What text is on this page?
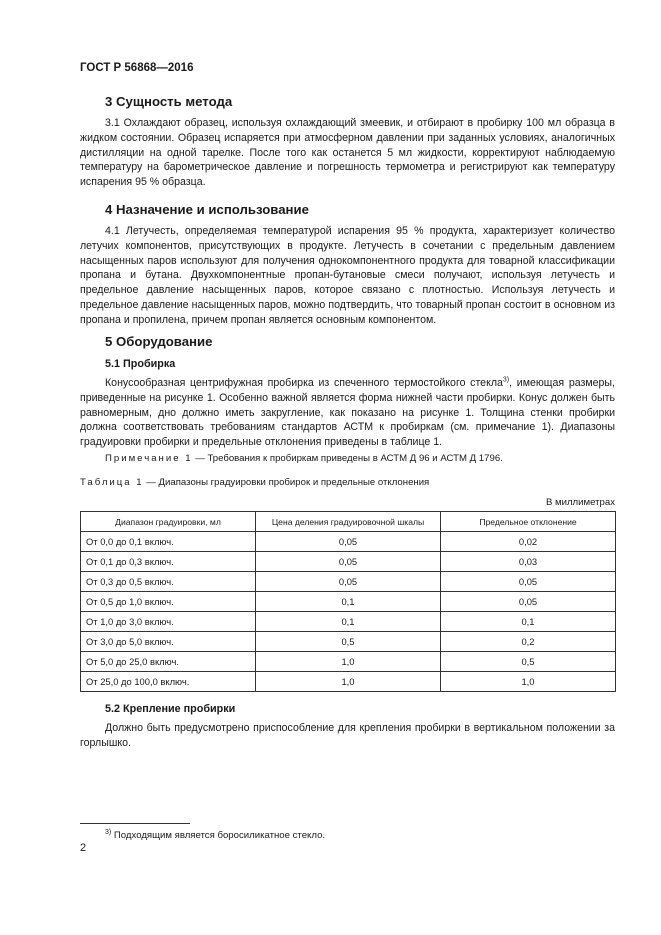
ГОСТ Р 56868—2016
3 Сущность метода

3.1 Охлаждают образец, используя охлаждающий змеевик, и отбирают в пробирку 100 мл образца в жидком состоянии. Образец испаряется при атмосферном давлении при заданных условиях, аналогичных дистилляции на одной тарелке. После того как останется 5 мл жидкости, корректируют наблюдаемую температуру на барометрическое давление и погрешность термометра и регистрируют как температуру испарения 95 % образца.

4 Назначение и использование

4.1 Летучесть, определяемая температурой испарения 95 % продукта, характеризует количество летучих компонентов, присутствующих в продукте. Летучесть в сочетании с предельным давлением насыщенных паров используют для получения однокомпонентного продукта для товарной классификации пропана и бутана. Двухкомпонентные пропан-бутановые смеси получают, используя летучесть и предельное давление насыщенных паров, которое связано с плотностью. Используя летучесть и предельное давление насыщенных паров, можно подтвердить, что товарный пропан состоит в основном из пропана и пропилена, причем пропан является основным компонентом.

5 Оборудование
5.1 Пробирка

Конусообразная центрифужная пробирка из спеченного термостойкого стекла$^{3)}$, имеющая размеры, приведенные на рисунке 1. Особенно важной является форма нижней части пробирки. Конус должен быть равномерным, дно должно иметь закругление, как показано на рисунке 1. Толщина стенки пробирки должна соответствовать требованиям стандартов АСТМ к пробиркам (см. примечание 1). Диапазоны градуировки пробирки и предельные отклонения приведены в таблице 1.

Примечание 1 — Требования к пробиркам приведены в АСТМ Д 96 и АСТМ Д 1796.
Таблица 1 — Диапазоны градуировки пробирок и предельные отклонения
В миллиметрах
Диапазон градуировки, мл	Цена деления градуировочной шкалы	Предельное отклонение
От 0,0 до 0,1 включ.	0,05	0,02
От 0,1 до 0,3 включ.	0,05	0,03
От 0,3 до 0,5 включ.	0,05	0,05
От 0,5 до 1,0 включ.	0,1	0,05
От 1,0 до 3,0 включ.	0,1	0,1
От 3,0 до 5,0 включ.	0,5	0,2
От 5,0 до 25,0 включ.	1,0	0,5
От 25,0 до 100,0 включ.	1,0	1,0
5.2 Крепление пробирки

Должно быть предусмотрено приспособление для крепления пробирки в вертикальном положении за горлышко.

$^{3)}$ Подходящим является боросиликатное стекло.
2
